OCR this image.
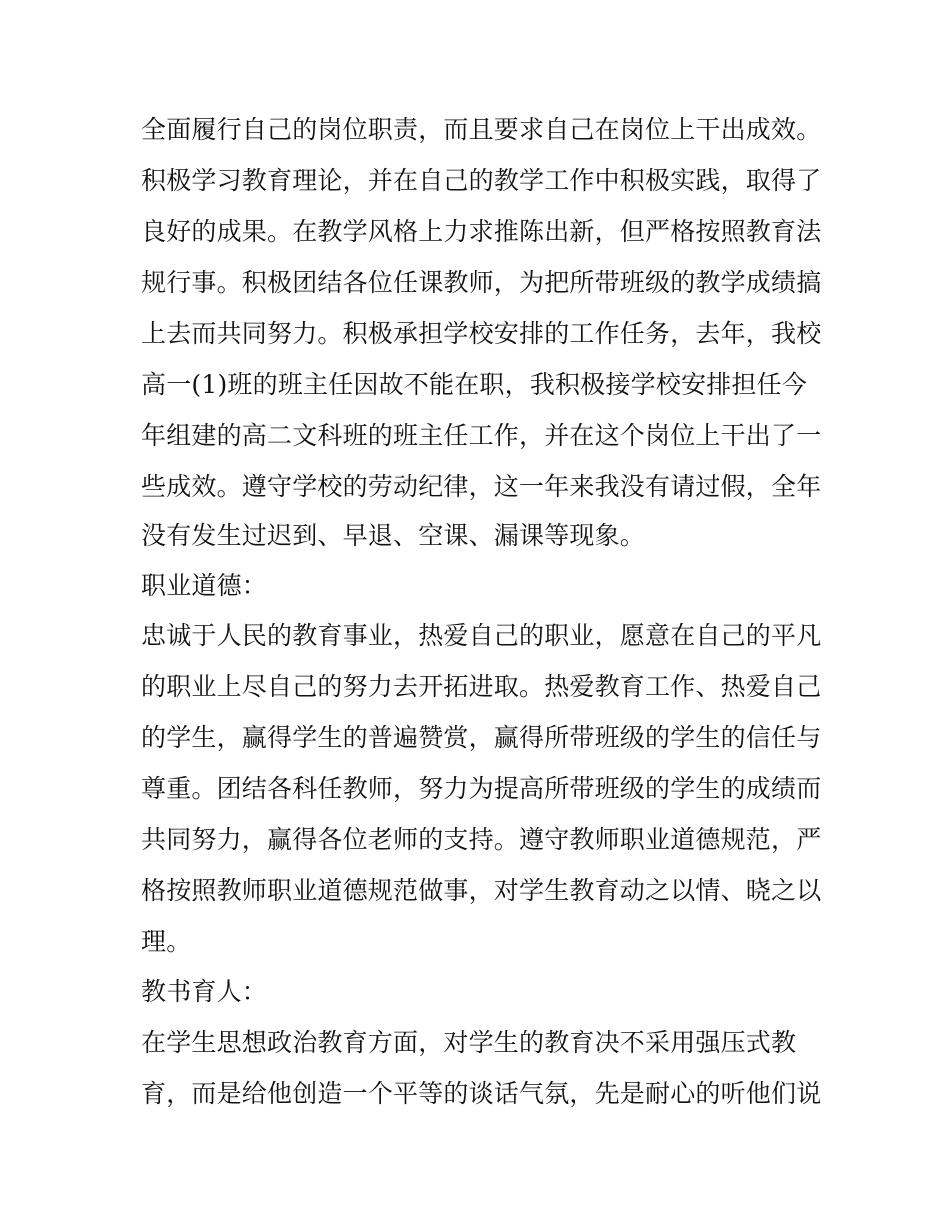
全面履行自己的岗位职责，而且要求自己在岗位上干出成效。
积极学习教育理论，并在自己的教学工作中积极实践，取得了
良好的成果。在教学风格上力求推陈出新，但严格按照教育法
规行事。积极团结各位任课教师，为把所带班级的教学成绩搞
上去而共同努力。积极承担学校安排的工作任务，去年，我校
高一(1)班的班主任因故不能在职，我积极接学校安排担任今
年组建的高二文科班的班主任工作，并在这个岗位上干出了一
些成效。遵守学校的劳动纪律，这一年来我没有请过假，全年
没有发生过迟到、早退、空课、漏课等现象。
职业道德：
忠诚于人民的教育事业，热爱自己的职业，愿意在自己的平凡
的职业上尽自己的努力去开拓进取。热爱教育工作、热爱自己
的学生，赢得学生的普遍赞赏，赢得所带班级的学生的信任与
尊重。团结各科任教师，努力为提高所带班级的学生的成绩而
共同努力，赢得各位老师的支持。遵守教师职业道德规范，严
格按照教师职业道德规范做事，对学生教育动之以情、晓之以
理。
教书育人：
在学生思想政治教育方面，对学生的教育决不采用强压式教
育，而是给他创造一个平等的谈话气氛，先是耐心的听他们说
